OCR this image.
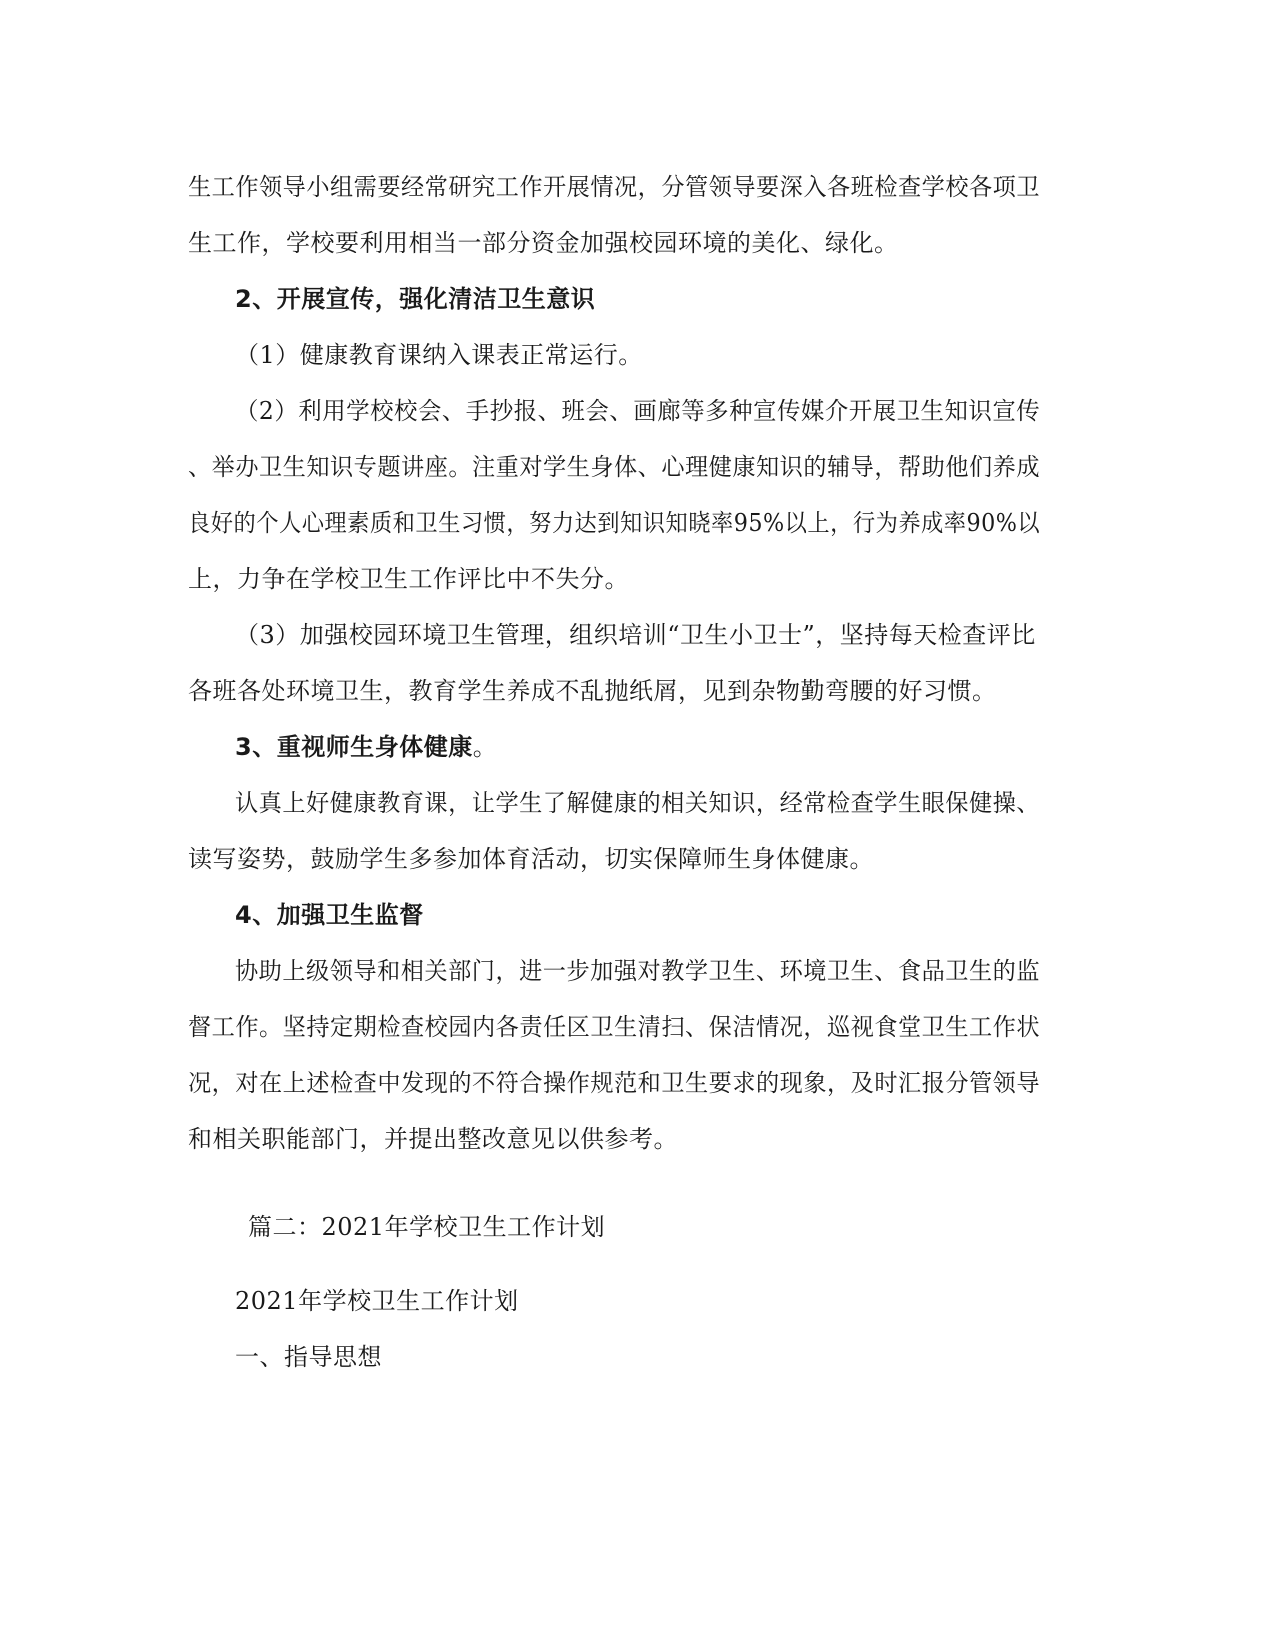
生工作领导小组需要经常研究工作开展情况，分管领导要深入各班检查学校各项卫
生工作，学校要利用相当一部分资金加强校园环境的美化、绿化。
2、开展宣传，强化清洁卫生意识
（1）健康教育课纳入课表正常运行。
（2）利用学校校会、手抄报、班会、画廊等多种宣传媒介开展卫生知识宣传
、举办卫生知识专题讲座。注重对学生身体、心理健康知识的辅导，帮助他们养成
良好的个人心理素质和卫生习惯，努力达到知识知晓率95%以上，行为养成率90%以
上，力争在学校卫生工作评比中不失分。
（3）加强校园环境卫生管理，组织培训“卫生小卫士”，坚持每天检查评比
各班各处环境卫生，教育学生养成不乱抛纸屑，见到杂物勤弯腰的好习惯。
3、重视师生身体健康。
认真上好健康教育课，让学生了解健康的相关知识，经常检查学生眼保健操、
读写姿势，鼓励学生多参加体育活动，切实保障师生身体健康。
4、加强卫生监督
协助上级领导和相关部门，进一步加强对教学卫生、环境卫生、食品卫生的监
督工作。坚持定期检查校园内各责任区卫生清扫、保洁情况，巡视食堂卫生工作状
况，对在上述检查中发现的不符合操作规范和卫生要求的现象，及时汇报分管领导
和相关职能部门，并提出整改意见以供参考。
篇二：2021年学校卫生工作计划
2021年学校卫生工作计划
一、指导思想
